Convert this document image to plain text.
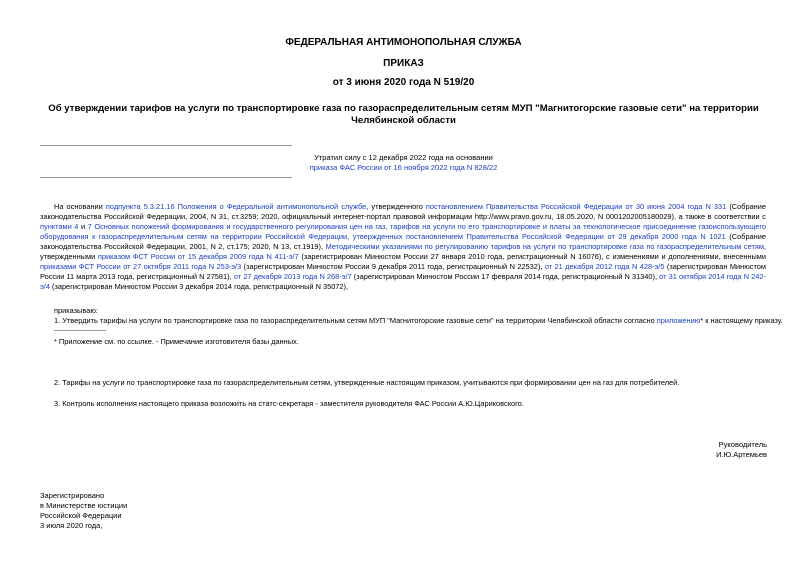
ФЕДЕРАЛЬНАЯ АНТИМОНОПОЛЬНАЯ СЛУЖБА
ПРИКАЗ
от 3 июня 2020 года N 519/20
Об утверждении тарифов на услуги по транспортировке газа по газораспределительным сетям МУП "Магнитогорские газовые сети" на территории Челябинской области
Утратил силу с 12 декабря 2022 года на основании
приказа ФАС России от 16 ноября 2022 года N 828/22
На основании подпункта 5.3.21.16 Положения о Федеральной антимонопольной службе, утвержденного постановлением Правительства Российской Федерации от 30 июня 2004 года N 331 (Собрание законодательства Российской Федерации, 2004, N 31, ст.3259; 2020, официальный интернет-портал правовой информации http://www.pravo.gov.ru, 18.05.2020, N 0001202005180029), а также в соответствии с пунктами 4 и 7 Основных положений формирования и государственного регулирования цен на газ, тарифов на услуги по его транспортировке и платы за технологическое присоединение газоиспользующего оборудования к газораспределительным сетям на территории Российской Федерации, утвержденных постановлением Правительства Российской Федерации от 29 декабря 2000 года N 1021 (Собрание законодательства Российской Федерации, 2001, N 2, ст.175; 2020, N 13, ст.1919), Методическими указаниями по регулированию тарифов на услуги по транспортировке газа по газораспределительным сетям, утвержденными приказом ФСТ России от 15 декабря 2009 года N 411-э/7 (зарегистрирован Минюстом России 27 января 2010 года, регистрационный N 16076), с изменениями и дополнениями, внесенными приказами ФСТ России от 27 октября 2011 года N 253-э/3 (зарегистрирован Минюстом России 9 декабря 2011 года, регистрационный N 22532), от 21 декабря 2012 года N 428-э/5 (зарегистрирован Минюстом России 11 марта 2013 года, регистрационный N 27581), от 27 декабря 2013 года N 268-э/7 (зарегистрирован Минюстом России 17 февраля 2014 года, регистрационный N 31340), от 31 октября 2014 года N 242-э/4 (зарегистрирован Минюстом России 3 декабря 2014 года, регистрационный N 35072),
приказываю:
1. Утвердить тарифы на услуги по транспортировке газа по газораспределительным сетям МУП "Магнитогорские газовые сети" на территории Челябинской области согласно приложению* к настоящему приказу.
* Приложение см. по ссылке. - Примечание изготовителя базы данных.
2. Тарифы на услуги по транспортировке газа по газораспределительным сетям, утвержденные настоящим приказом, учитываются при формировании цен на газ для потребителей.
3. Контроль исполнения настоящего приказа возложить на статс-секретаря - заместителя руководителя ФАС России А.Ю.Цариковского.
Руководитель
И.Ю.Артемьев
Зарегистрировано
в Министерстве юстиции
Российской Федерации
3 июля 2020 года,
